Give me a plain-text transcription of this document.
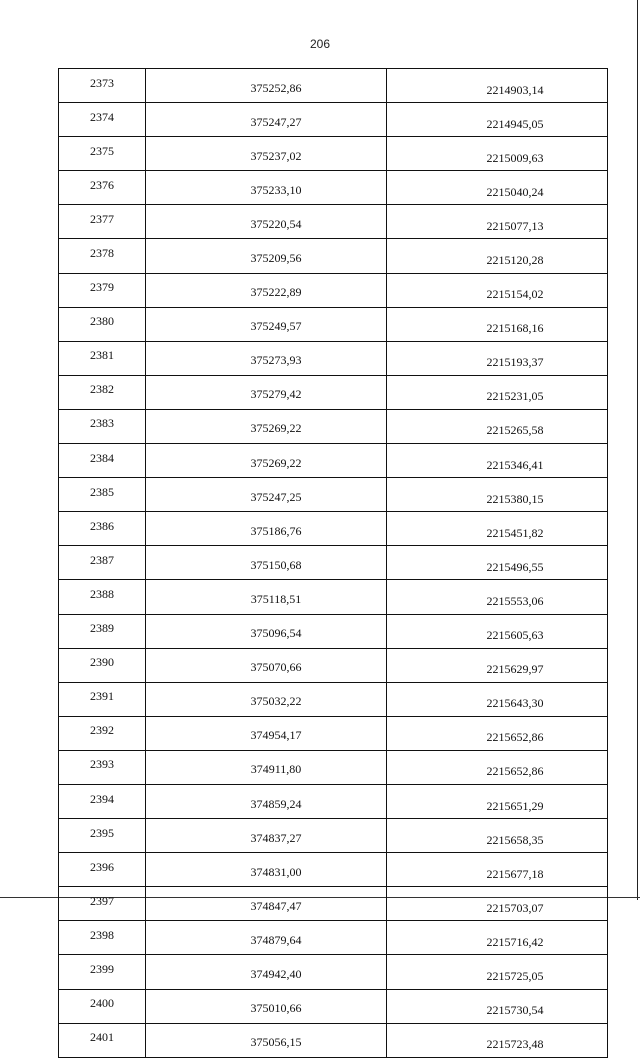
206
2373	375252,86	2214903,14
2374	375247,27	2214945,05
2375	375237,02	2215009,63
2376	375233,10	2215040,24
2377	375220,54	2215077,13
2378	375209,56	2215120,28
2379	375222,89	2215154,02
2380	375249,57	2215168,16
2381	375273,93	2215193,37
2382	375279,42	2215231,05
2383	375269,22	2215265,58
2384	375269,22	2215346,41
2385	375247,25	2215380,15
2386	375186,76	2215451,82
2387	375150,68	2215496,55
2388	375118,51	2215553,06
2389	375096,54	2215605,63
2390	375070,66	2215629,97
2391	375032,22	2215643,30
2392	374954,17	2215652,86
2393	374911,80	2215652,86
2394	374859,24	2215651,29
2395	374837,27	2215658,35
2396	374831,00	2215677,18
2397	374847,47	2215703,07
2398	374879,64	2215716,42
2399	374942,40	2215725,05
2400	375010,66	2215730,54
2401	375056,15	2215723,48
